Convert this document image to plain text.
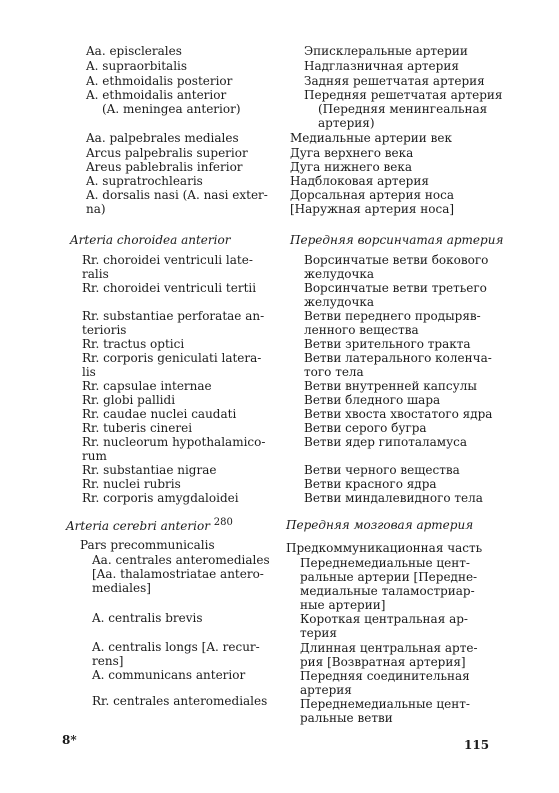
Aa. episclerales
A. supraorbitalis
A. ethmoidalis posterior
A. ethmoidalis anterior
(A. meningea anterior)
Aa. palpebrales mediales
Arcus palpebralis superior
Areus pablebralis inferior
A. supratrochlearis
A. dorsalis nasi (A. nasi exter-
na)
Arteria choroidea anterior
Rr. choroidei ventriculi late-
ralis
Rr. choroidei ventriculi tertii
Rr. substantiae perforatae an-
terioris
Rr. tractus optici
Rr. corporis geniculati latera-
lis
Rr. capsulae internae
Rr. globi pallidi
Rr. caudae nuclei caudati
Rr. tuberis cinerei
Rr. nucleorum hypothalamico-
rum
Rr. substantiae nigrae
Rr. nuclei rubris
Rr. corporis amygdaloidei
Arteria cerebri anterior $^{280}$
Pars precommunicalis
Aa. centrales anteromediales
[Aa. thalamostriatae antero-
mediales]
A. centralis brevis
A. centralis longs [A. recur-
rens]
A. communicans anterior
Rr. centrales anteromediales
Эписклеральные артерии
Надглазничная артерия
Задняя решетчатая артерия
Передняя решетчатая артерия
(Передняя менингеальная
артерия)
Медиальные артерии век
Дуга верхнего века
Дуга нижнего века
Надблоковая артерия
Дорсальная артерия носа
[Наружная артерия носа]
Передняя ворсинчатая артерия
Ворсинчатые ветви бокового
желудочка
Ворсинчатые ветви третьего
желудочка
Ветви переднего продыряв-
ленного вещества
Ветви зрительного тракта
Ветви латерального коленча-
того тела
Ветви внутренней капсулы
Ветви бледного шара
Ветви хвоста хвостатого ядра
Ветви серого бугра
Ветви ядер гипоталамуса
Ветви черного вещества
Ветви красного ядра
Ветви миндалевидного тела
Передняя мозговая артерия
Предкоммуникационная часть
Переднемедиальные цент-
ральные артерии [Передне-
медиальные таламостриар-
ные артерии]
Короткая центральная ар-
терия
Длинная центральная арте-
рия [Возвратная артерия]
Передняя соединительная
артерия
Переднемедиальные цент-
ральные ветви
8*	115
